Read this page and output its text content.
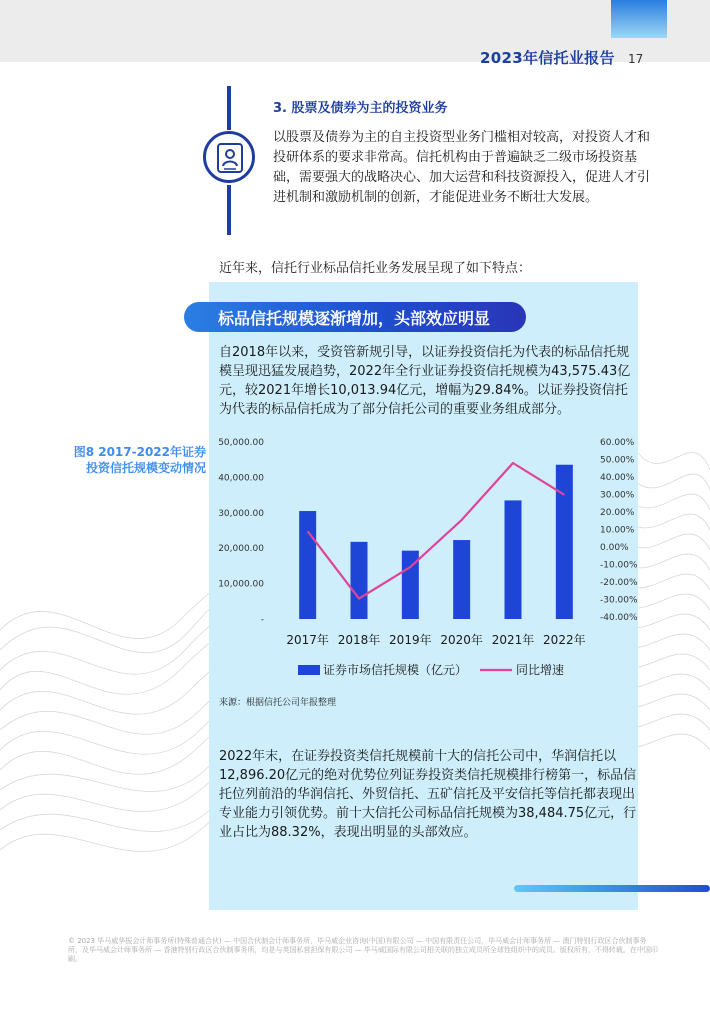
2023年信托业报告 17
3. 股票及债券为主的投资业务
以股票及债券为主的自主投资型业务门槛相对较高，对投资人才和投研体系的要求非常高。信托机构由于普遍缺乏二级市场投资基础，需要强大的战略决心、加大运营和科技资源投入，促进人才引进机制和激励机制的创新，才能促进业务不断壮大发展。
近年来，信托行业标品信托业务发展呈现了如下特点：
标品信托规模逐渐增加，头部效应明显
自2018年以来，受资管新规引导，以证券投资信托为代表的标品信托规模呈现迅猛发展趋势，2022年全行业证券投资信托规模为43,575.43亿元，较2021年增长10,013.94亿元，增幅为29.84%。以证券投资信托为代表的标品信托成为了部分信托公司的重要业务组成部分。
图8 2017-2022年证券投资信托规模变动情况
-
10,000.00
20,000.00
30,000.00
40,000.00
50,000.00
-40.00%
-30.00%
-20.00%
-10.00%
0.00%
10.00%
20.00%
30.00%
40.00%
50.00%
60.00%
2017年 2018年 2019年 2020年 2021年 2022年
证券市场信托规模（亿元）	同比增速
来源：根据信托公司年报整理
2022年末，在证券投资类信托规模前十大的信托公司中，华润信托以12,896.20亿元的绝对优势位列证券投资类信托规模排行榜第一，标品信托位列前沿的华润信托、外贸信托、五矿信托及平安信托等信托都表现出专业能力引领优势。前十大信托公司标品信托规模为38,484.75亿元，行业占比为88.32%，表现出明显的头部效应。
© 2023 毕马威华振会计师事务所(特殊普通合伙) — 中国合伙制会计师事务所，毕马威企业咨询(中国)有限公司 — 中国有限责任公司，毕马威会计师事务所 — 澳门特别行政区合伙制事务所，及毕马威会计师事务所 — 香港特别行政区合伙制事务所，均是与英国私营担保有限公司 — 毕马威国际有限公司相关联的独立成员所全球性组织中的成员。版权所有，不得转载。在中国印刷。
